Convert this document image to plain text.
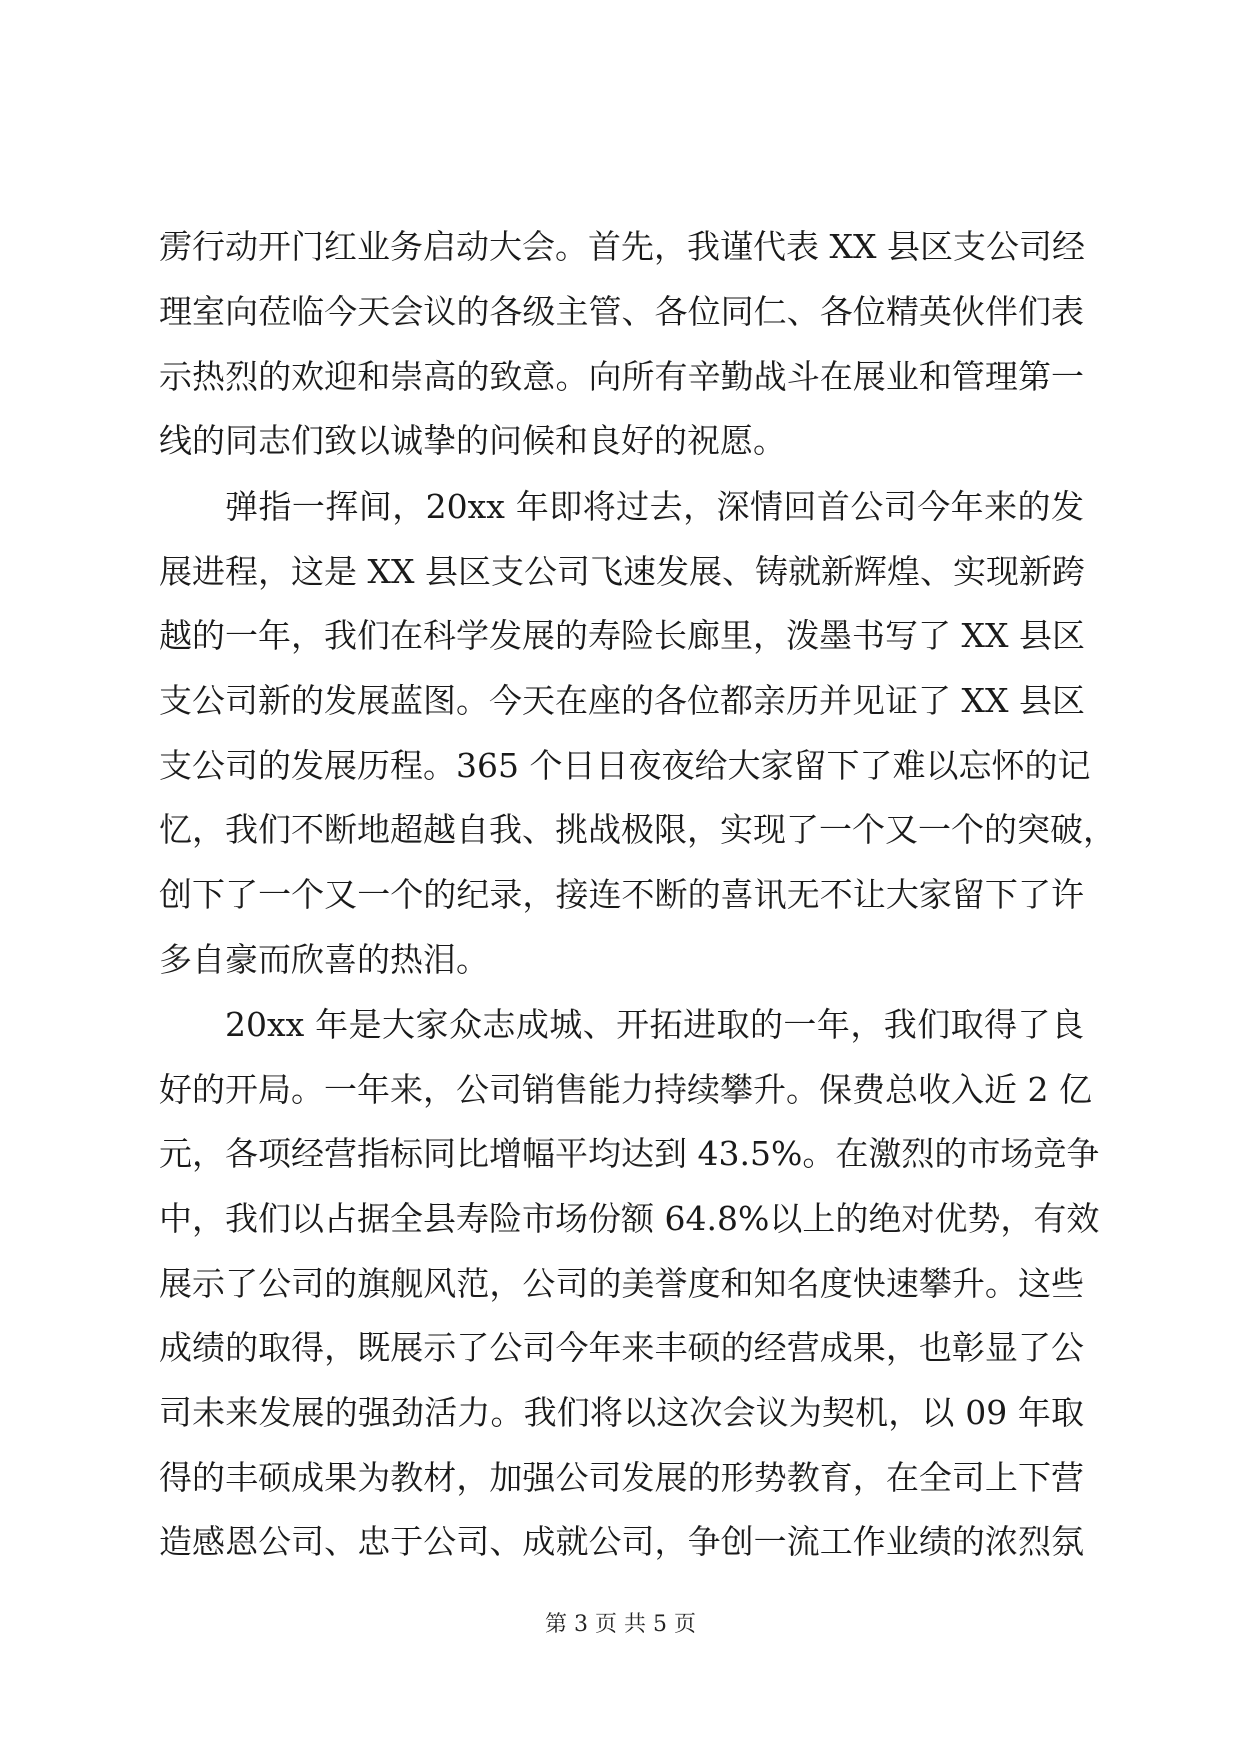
雳行动开门红业务启动大会。首先，我谨代表 XX 县区支公司经
理室向莅临今天会议的各级主管、各位同仁、各位精英伙伴们表
示热烈的欢迎和崇高的致意。向所有辛勤战斗在展业和管理第一
线的同志们致以诚挚的问候和良好的祝愿。
弹指一挥间，20xx 年即将过去，深情回首公司今年来的发
展进程，这是 XX 县区支公司飞速发展、铸就新辉煌、实现新跨
越的一年，我们在科学发展的寿险长廊里，泼墨书写了 XX 县区
支公司新的发展蓝图。今天在座的各位都亲历并见证了 XX 县区
支公司的发展历程。365 个日日夜夜给大家留下了难以忘怀的记
忆，我们不断地超越自我、挑战极限，实现了一个又一个的突破，
创下了一个又一个的纪录，接连不断的喜讯无不让大家留下了许
多自豪而欣喜的热泪。
20xx 年是大家众志成城、开拓进取的一年，我们取得了良
好的开局。一年来，公司销售能力持续攀升。保费总收入近 2 亿
元，各项经营指标同比增幅平均达到 43.5%。在激烈的市场竞争
中，我们以占据全县寿险市场份额 64.8%以上的绝对优势，有效
展示了公司的旗舰风范，公司的美誉度和知名度快速攀升。这些
成绩的取得，既展示了公司今年来丰硕的经营成果，也彰显了公
司未来发展的强劲活力。我们将以这次会议为契机，以 09 年取
得的丰硕成果为教材，加强公司发展的形势教育，在全司上下营
造感恩公司、忠于公司、成就公司，争创一流工作业绩的浓烈氛
第 3 页 共 5 页
